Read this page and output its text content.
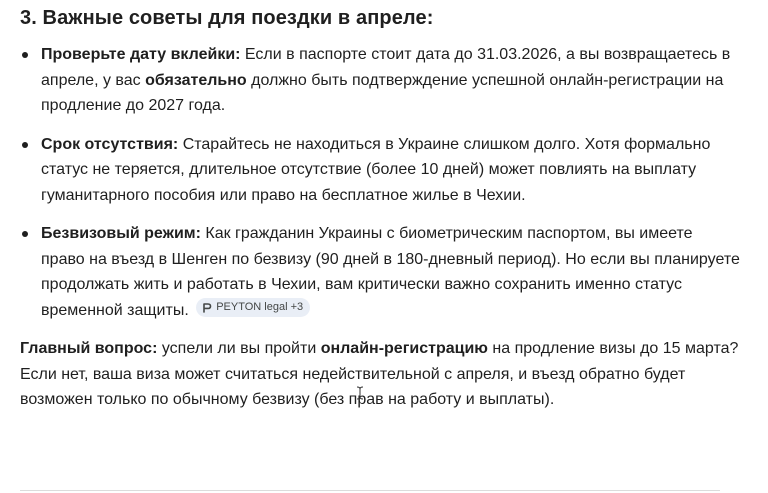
3. Важные советы для поездки в апреле:
Проверьте дату вклейки: Если в паспорте стоит дата до 31.03.2026, а вы возвращаетесь в апреле, у вас обязательно должно быть подтверждение успешной онлайн-регистрации на продление до 2027 года.
Срок отсутствия: Старайтесь не находиться в Украине слишком долго. Хотя формально статус не теряется, длительное отсутствие (более 10 дней) может повлиять на выплату гуманитарного пособия или право на бесплатное жилье в Чехии.
Безвизовый режим: Как гражданин Украины с биометрическим паспортом, вы имеете право на въезд в Шенген по безвизу (90 дней в 180-дневный период). Но если вы планируете продолжать жить и работать в Чехии, вам критически важно сохранить именно статус временной защиты. PEYTON legal +3

Главный вопрос: успели ли вы пройти онлайн-регистрацию на продление визы до 15 марта? Если нет, ваша виза может считаться недействительной с апреля, и въезд обратно будет возможен только по обычному безвизу (без прав на работу и выплаты).
